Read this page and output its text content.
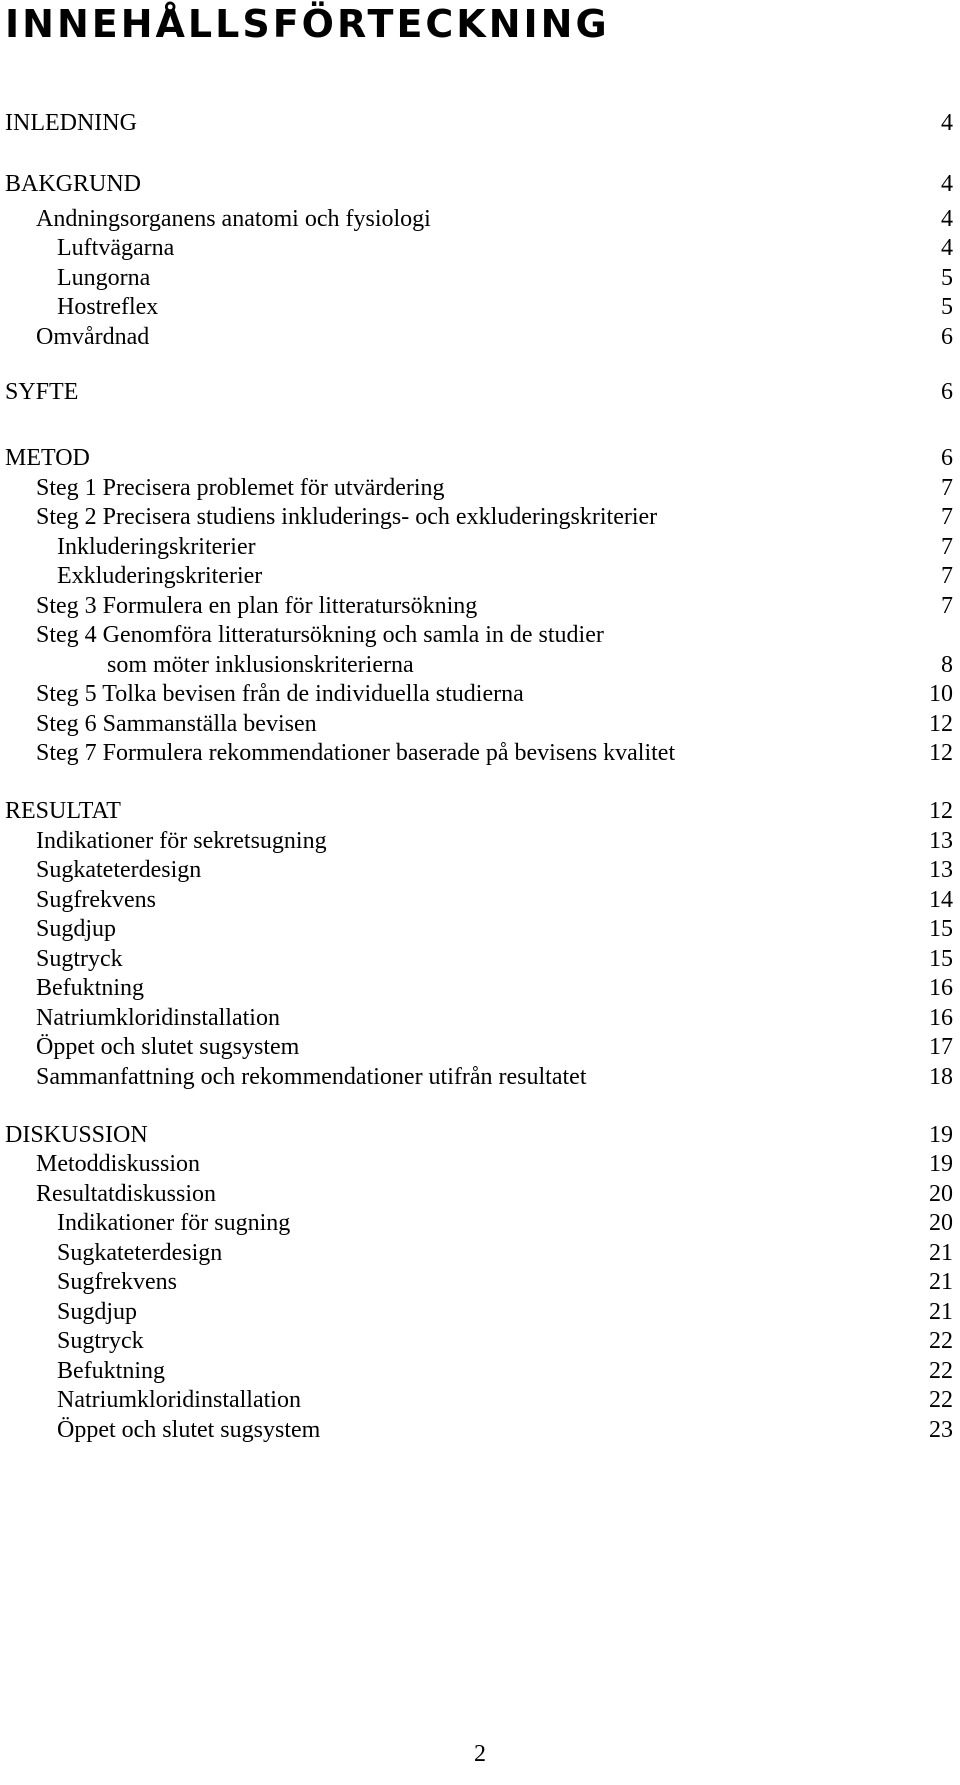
INNEHÅLLSFÖRTECKNING
INLEDNING	4
BAKGRUND	4
Andningsorganens anatomi och fysiologi	4
Luftvägarna	4
Lungorna	5
Hostreflex	5
Omvårdnad	6
SYFTE	6
METOD	6
Steg 1 Precisera problemet för utvärdering	7
Steg 2 Precisera studiens inkluderings- och exkluderingskriterier	7
Inkluderingskriterier	7
Exkluderingskriterier	7
Steg 3 Formulera en plan för litteratursökning	7
Steg 4 Genomföra litteratursökning och samla in de studier
som möter inklusionskriterierna	8
Steg 5 Tolka bevisen från de individuella studierna	10
Steg 6 Sammanställa bevisen	12
Steg 7 Formulera rekommendationer baserade på bevisens kvalitet	12
RESULTAT	12
Indikationer för sekretsugning	13
Sugkateterdesign	13
Sugfrekvens	14
Sugdjup	15
Sugtryck	15
Befuktning	16
Natriumkloridinstallation	16
Öppet och slutet sugsystem	17
Sammanfattning och rekommendationer utifrån resultatet	18
DISKUSSION	19
Metoddiskussion	19
Resultatdiskussion	20
Indikationer för sugning	20
Sugkateterdesign	21
Sugfrekvens	21
Sugdjup	21
Sugtryck	22
Befuktning	22
Natriumkloridinstallation	22
Öppet och slutet sugsystem	23
2
